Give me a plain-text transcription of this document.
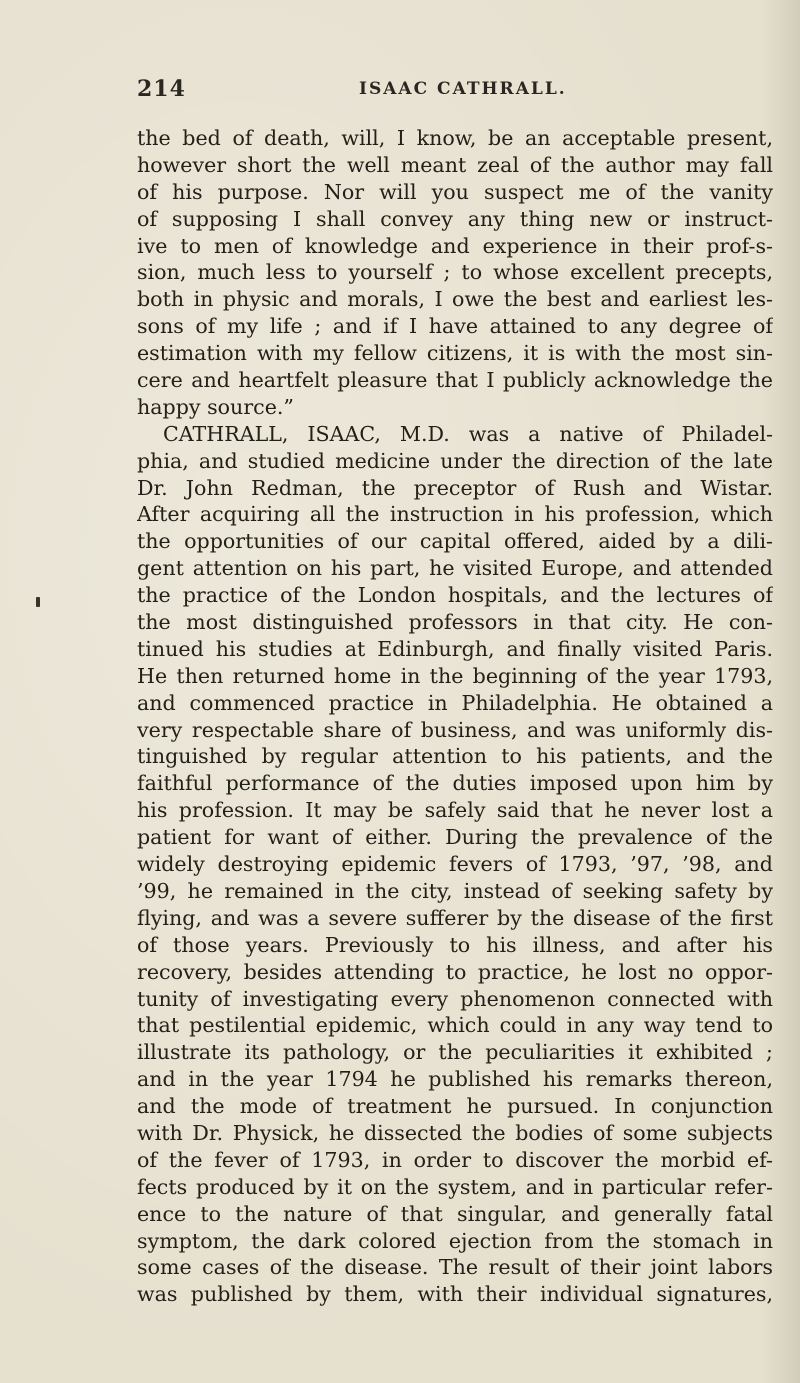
214	ISAAC CATHRALL.
the bed of death, will, I know, be an acceptable present,
however short the well meant zeal of the author may fall
of his purpose. Nor will you suspect me of the vanity
of supposing I shall convey any thing new or instruct-
ive to men of knowledge and experience in their prof-s-
sion, much less to yourself ; to whose excellent precepts,
both in physic and morals, I owe the best and earliest les-
sons of my life ; and if I have attained to any degree of
estimation with my fellow citizens, it is with the most sin-
cere and heartfelt pleasure that I publicly acknowledge the
happy source.”
CATHRALL, ISAAC, M.D. was a native of Philadel-
phia, and studied medicine under the direction of the late
Dr. John Redman, the preceptor of Rush and Wistar.
After acquiring all the instruction in his profession, which
the opportunities of our capital offered, aided by a dili-
gent attention on his part, he visited Europe, and attended
the practice of the London hospitals, and the lectures of
the most distinguished professors in that city. He con-
tinued his studies at Edinburgh, and finally visited Paris.
He then returned home in the beginning of the year 1793,
and commenced practice in Philadelphia. He obtained a
very respectable share of business, and was uniformly dis-
tinguished by regular attention to his patients, and the
faithful performance of the duties imposed upon him by
his profession. It may be safely said that he never lost a
patient for want of either. During the prevalence of the
widely destroying epidemic fevers of 1793, ’97, ’98, and
’99, he remained in the city, instead of seeking safety by
flying, and was a severe sufferer by the disease of the first
of those years. Previously to his illness, and after his
recovery, besides attending to practice, he lost no oppor-
tunity of investigating every phenomenon connected with
that pestilential epidemic, which could in any way tend to
illustrate its pathology, or the peculiarities it exhibited ;
and in the year 1794 he published his remarks thereon,
and the mode of treatment he pursued. In conjunction
with Dr. Physick, he dissected the bodies of some subjects
of the fever of 1793, in order to discover the morbid ef-
fects produced by it on the system, and in particular refer-
ence to the nature of that singular, and generally fatal
symptom, the dark colored ejection from the stomach in
some cases of the disease. The result of their joint labors
was published by them, with their individual signatures,
